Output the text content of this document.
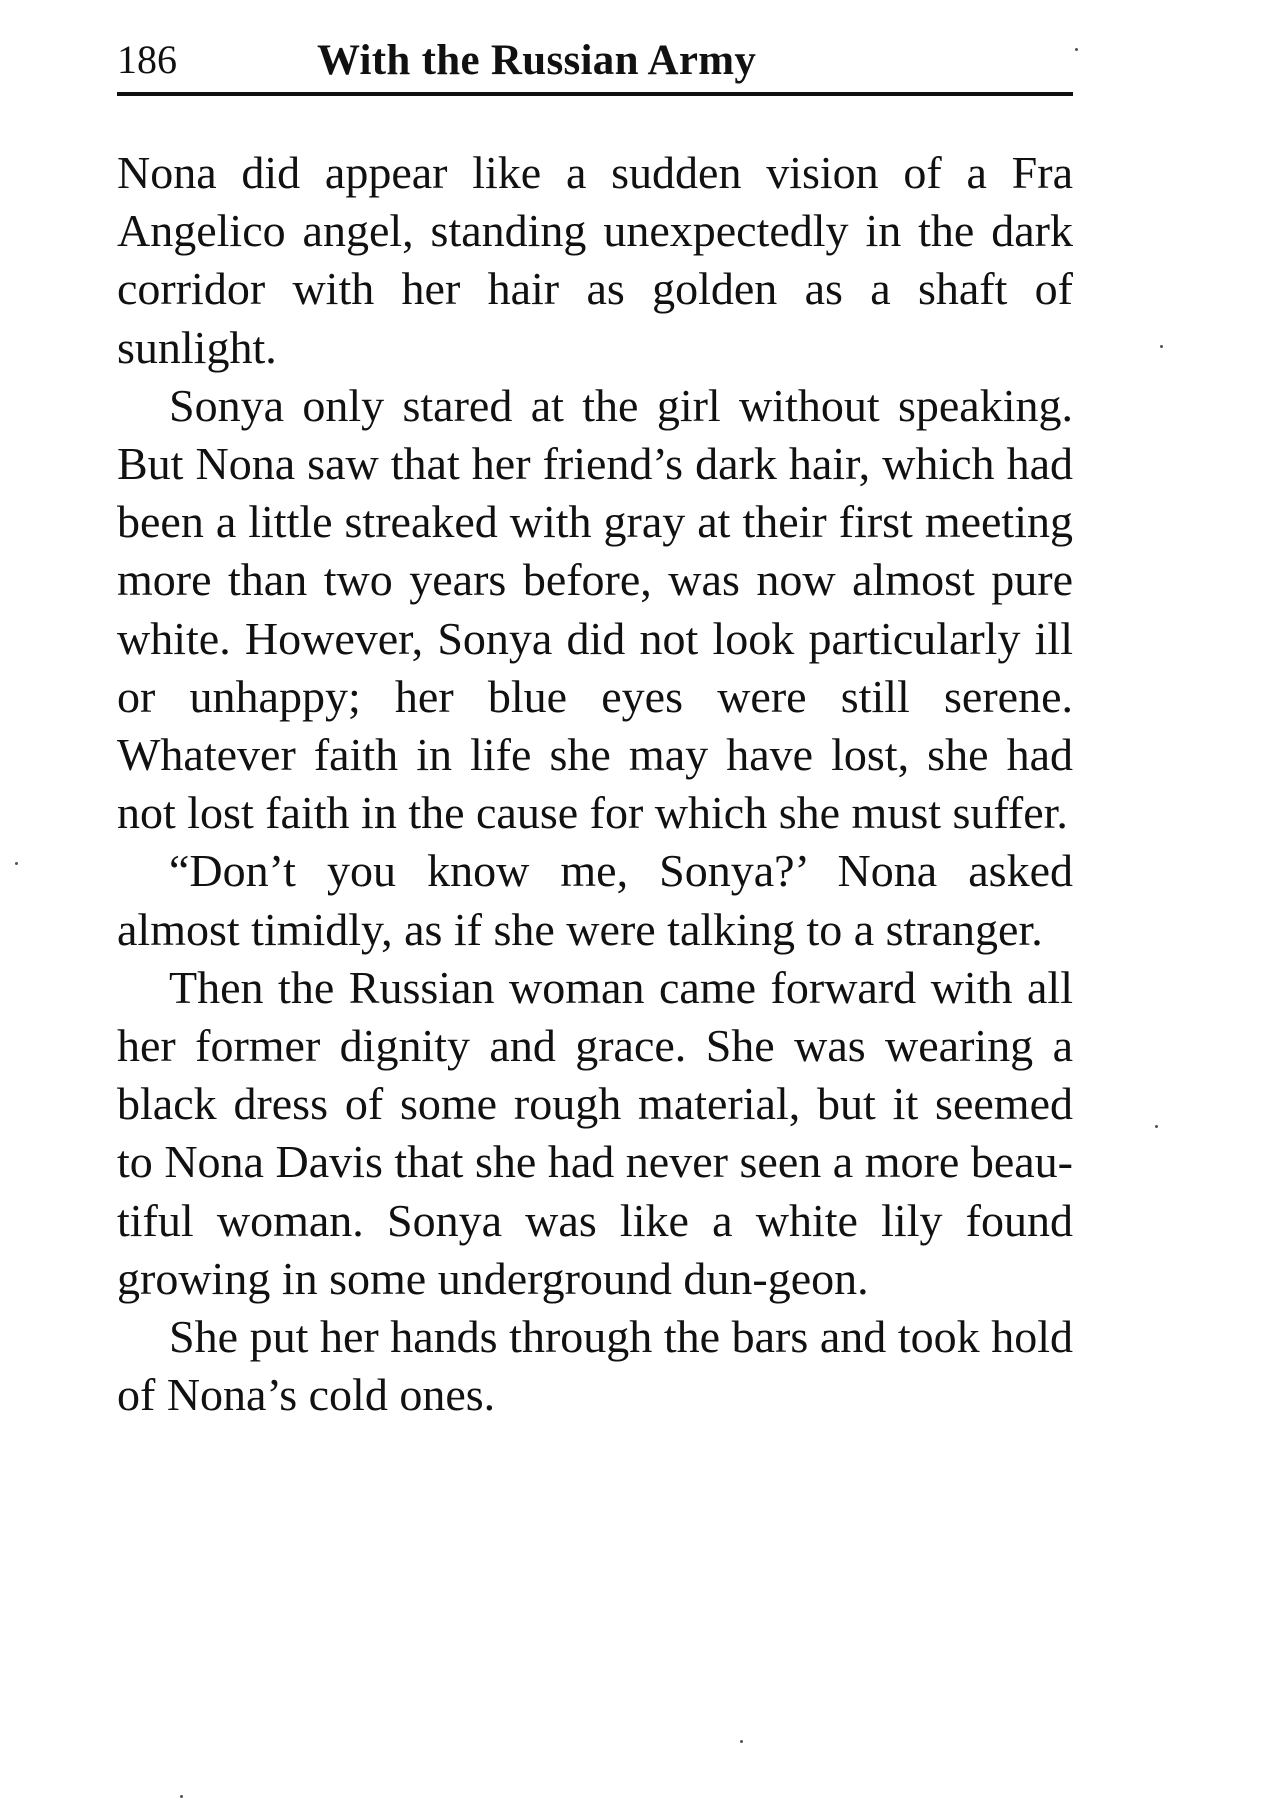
186	With the Russian Army

Nona did appear like a sudden vision of a Fra Angelico angel, standing unexpectedly in the dark corridor with her hair as golden as a shaft of sunlight.

Sonya only stared at the girl without speaking. But Nona saw that her friend’s dark hair, which had been a little streaked with gray at their first meeting more than two years before, was now almost pure white. However, Sonya did not look particularly ill or unhappy; her blue eyes were still serene. Whatever faith in life she may have lost, she had not lost faith in the cause for which she must suffer.

“Don’t you know me, Sonya?’ Nona asked almost timidly, as if she were talking to a stranger.

Then the Russian woman came forward with all her former dignity and grace. She was wearing a black dress of some rough material, but it seemed to Nona Davis that she had never seen a more beau-tiful woman. Sonya was like a white lily found growing in some underground dun-geon.

She put her hands through the bars and took hold of Nona’s cold ones.
